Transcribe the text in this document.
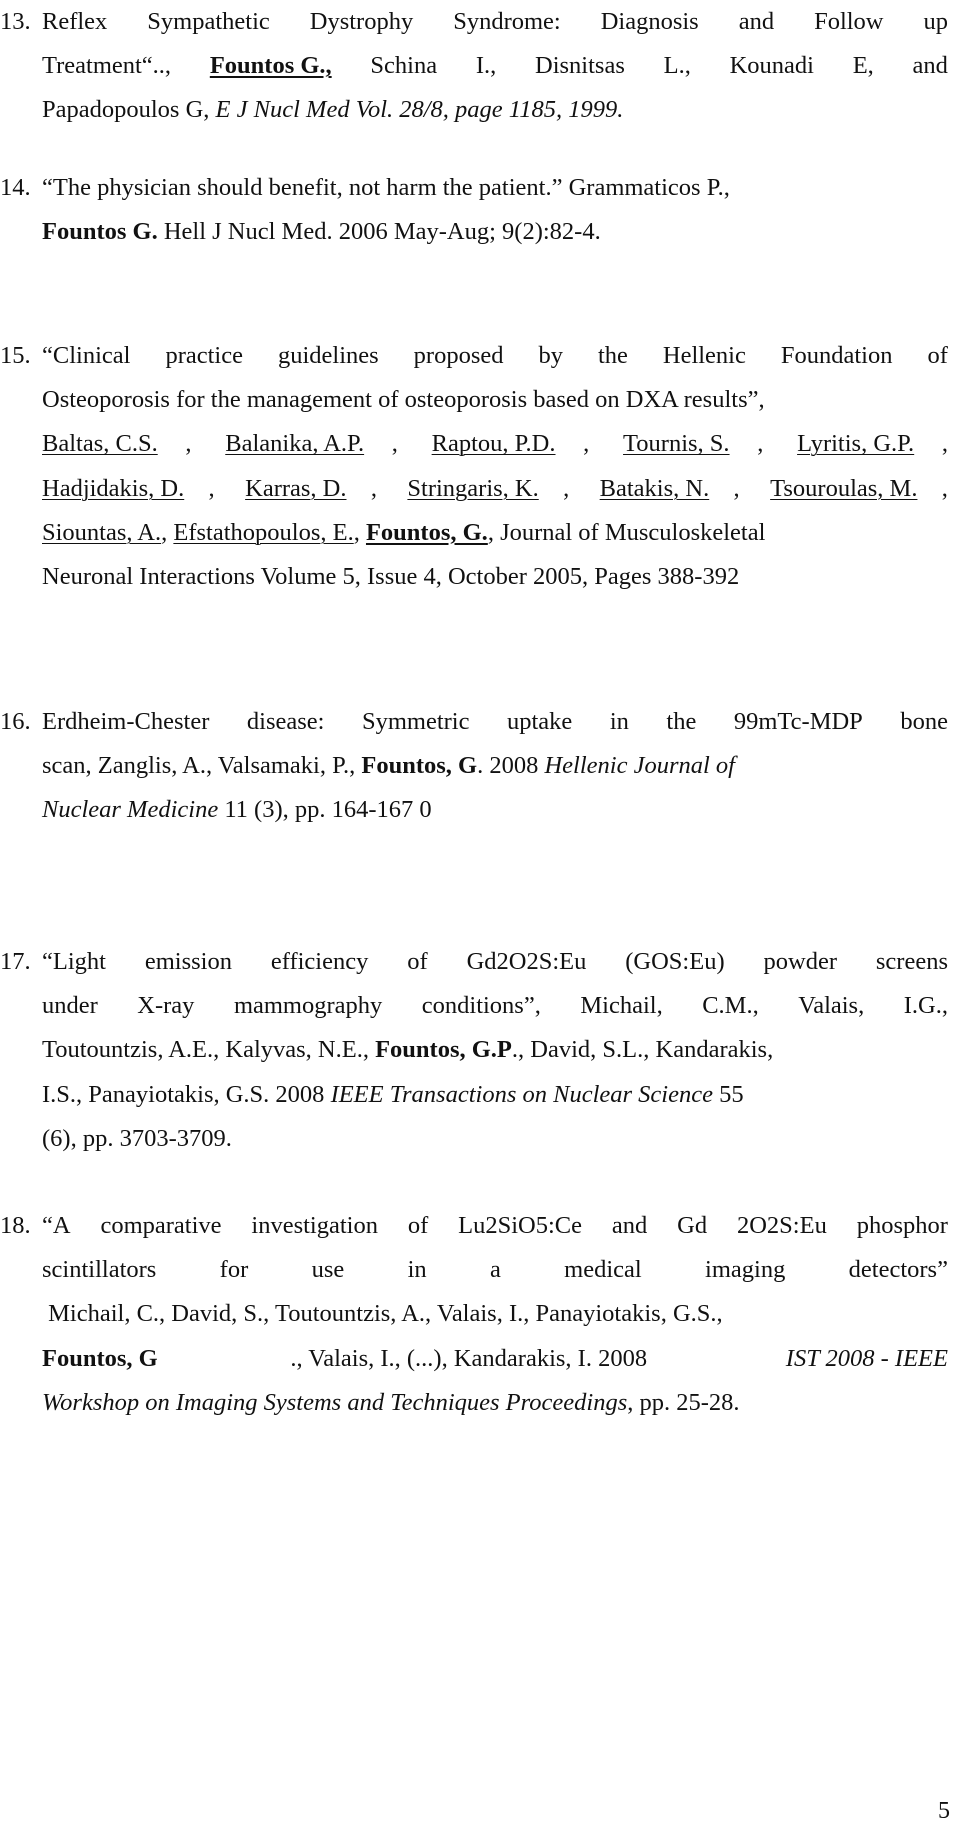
13. Reflex Sympathetic Dystrophy Syndrome: Diagnosis and Follow up
Treatment“.., Fountos G., Schina I., Disnitsas L., Kounadi E, and
Papadopoulos G, E J Nucl Med Vol. 28/8, page 1185, 1999.
14. “The physician should benefit, not harm the patient.” Grammaticos P.,
Fountos G. Hell J Nucl Med. 2006 May-Aug; 9(2):82-4.
15. “Clinical practice guidelines proposed by the Hellenic Foundation of
Osteoporosis for the management of osteoporosis based on DXA results”,
Baltas, C.S. , Balanika, A.P. , Raptou, P.D. , Tournis, S. , Lyritis, G.P. ,
Hadjidakis, D. , Karras, D. , Stringaris, K. , Batakis, N. , Tsouroulas, M. ,
Siountas, A., Efstathopoulos, E., Fountos, G., Journal of Musculoskeletal
Neuronal Interactions Volume 5, Issue 4, October 2005, Pages 388-392
16. Erdheim-Chester disease: Symmetric uptake in the 99mTc-MDP bone
scan, Zanglis, A., Valsamaki, P., Fountos, G. 2008 Hellenic Journal of
Nuclear Medicine 11 (3), pp. 164-167 0
17. “Light emission efficiency of Gd2O2S:Eu (GOS:Eu) powder screens
under X-ray mammography conditions”, Michail, C.M., Valais, I.G.,
Toutountzis, A.E., Kalyvas, N.E., Fountos, G.P., David, S.L., Kandarakis,
I.S., Panayiotakis, G.S. 2008 IEEE Transactions on Nuclear Science 55
(6), pp. 3703-3709.
18. “A comparative investigation of Lu2SiO5:Ce and Gd 2O2S:Eu phosphor
scintillators	for	use	in	a	medical	imaging	detectors”
Michail, C., David, S., Toutountzis, A., Valais, I., Panayiotakis, G.S.,
Fountos, G	., Valais, I., (...), Kandarakis, I. 2008	IST 2008 - IEEE
Workshop on Imaging Systems and Techniques Proceedings, pp. 25-28.
5
